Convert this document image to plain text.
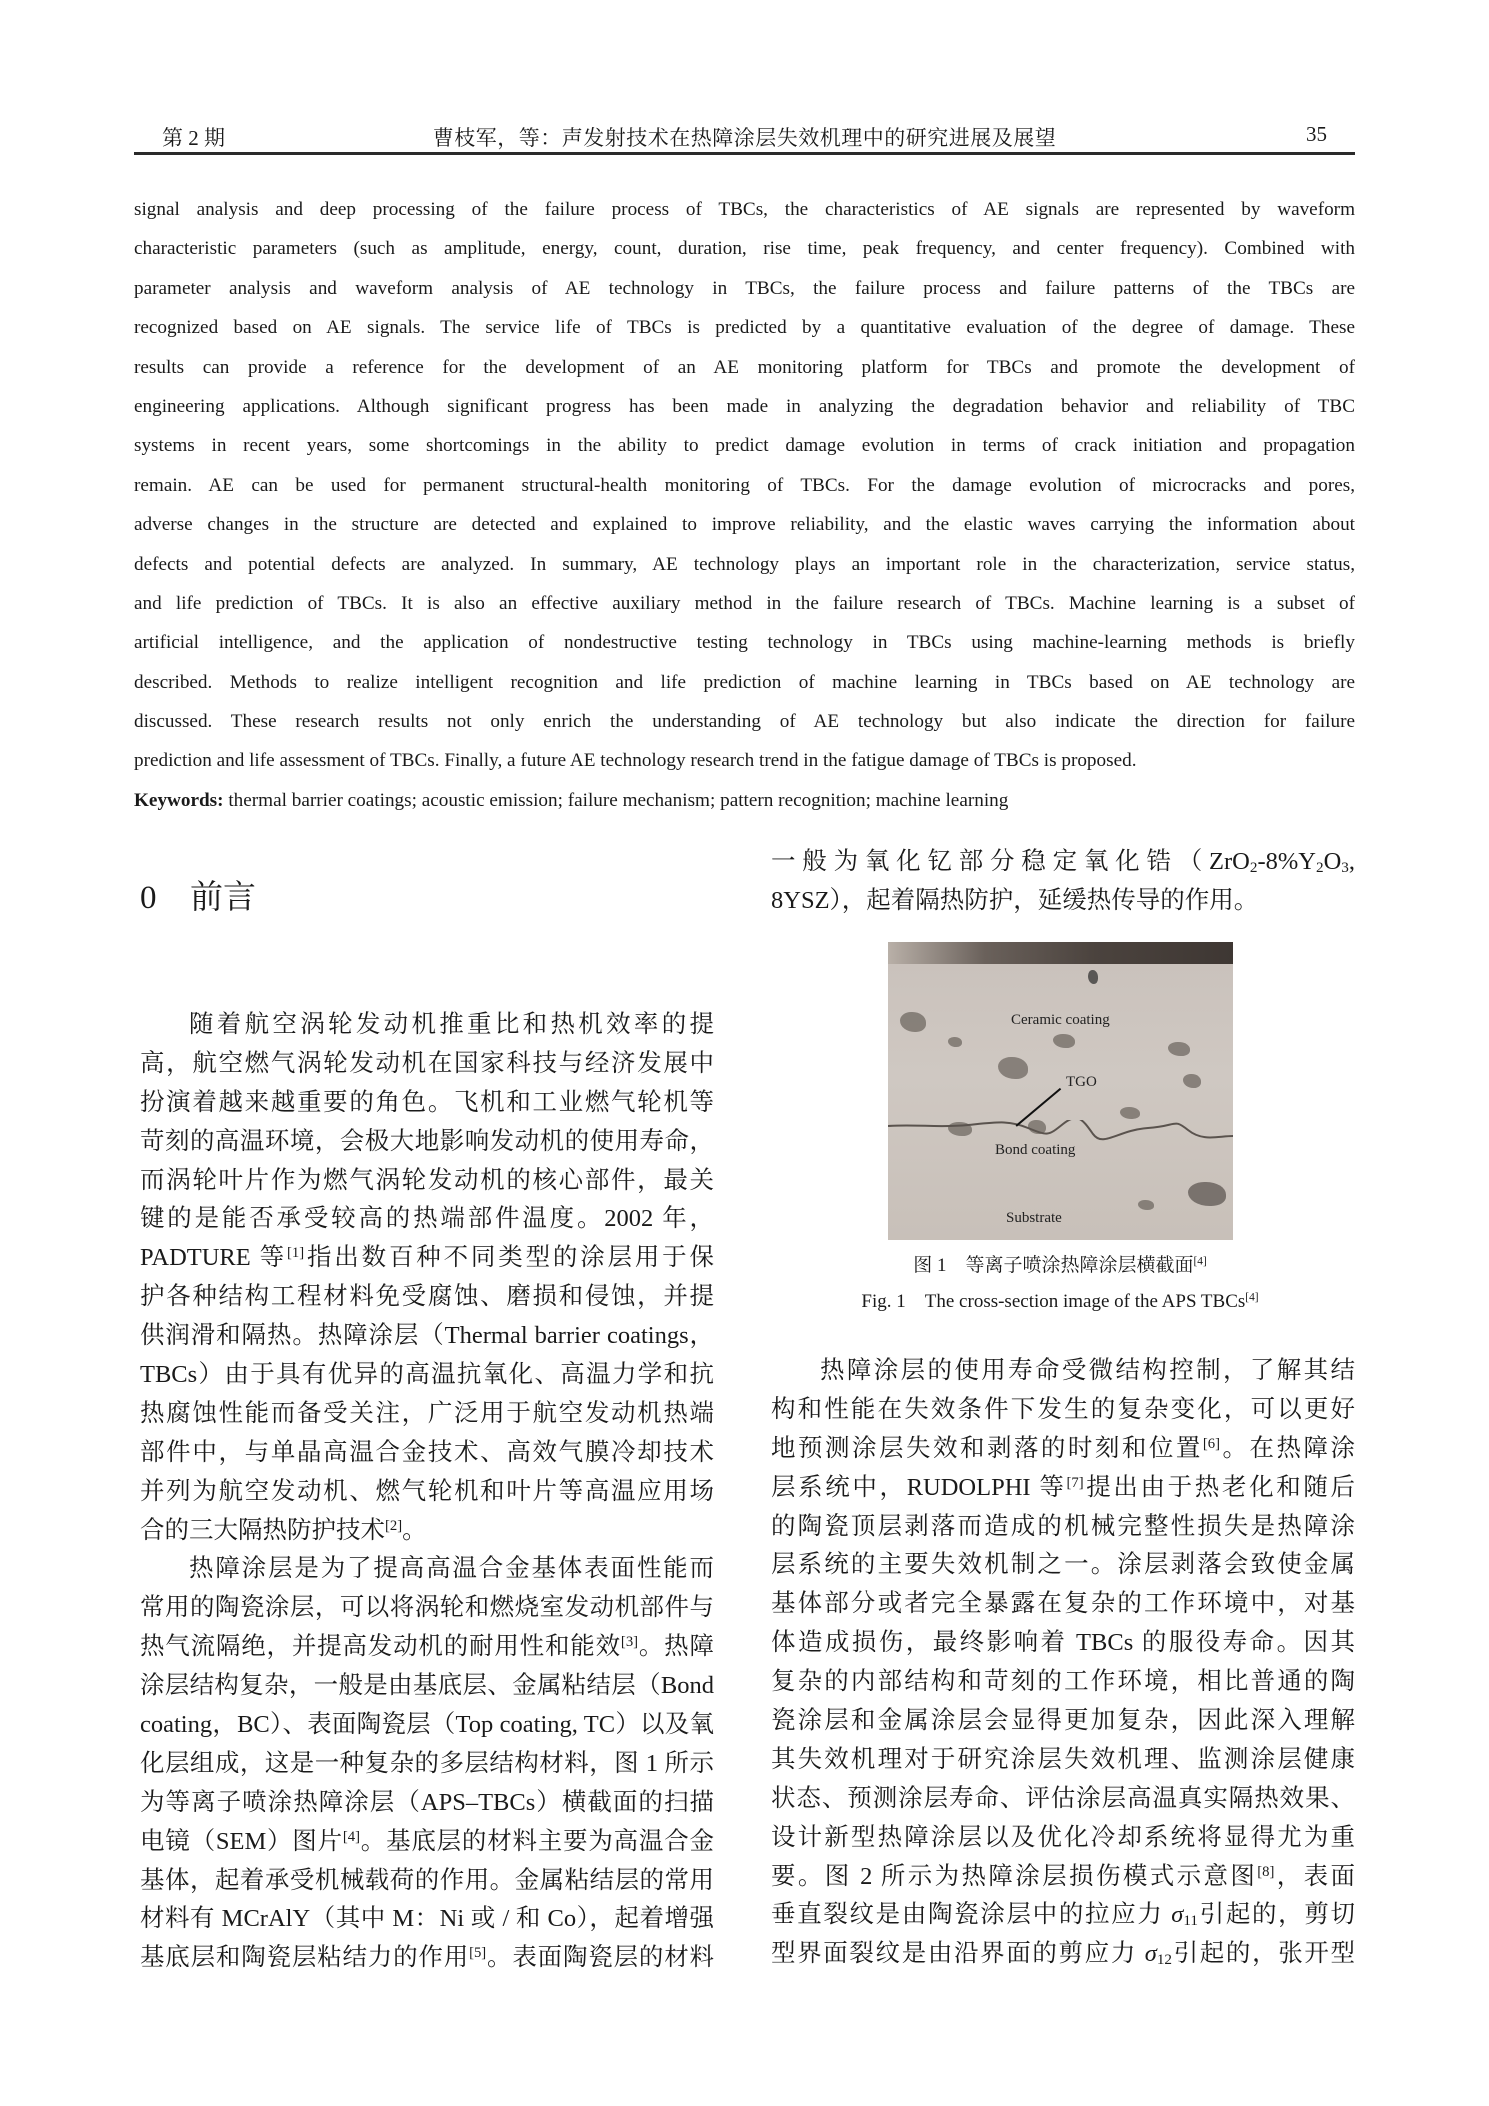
第 2 期	曹枝军，等：声发射技术在热障涂层失效机理中的研究进展及展望	35
signal analysis and deep processing of the failure process of TBCs, the characteristics of AE signals are represented by waveform
characteristic parameters (such as amplitude, energy, count, duration, rise time, peak frequency, and center frequency). Combined with
parameter analysis and waveform analysis of AE technology in TBCs, the failure process and failure patterns of the TBCs are
recognized based on AE signals. The service life of TBCs is predicted by a quantitative evaluation of the degree of damage. These
results can provide a reference for the development of an AE monitoring platform for TBCs and promote the development of
engineering applications. Although significant progress has been made in analyzing the degradation behavior and reliability of TBC
systems in recent years, some shortcomings in the ability to predict damage evolution in terms of crack initiation and propagation
remain. AE can be used for permanent structural-health monitoring of TBCs. For the damage evolution of microcracks and pores,
adverse changes in the structure are detected and explained to improve reliability, and the elastic waves carrying the information about
defects and potential defects are analyzed. In summary, AE technology plays an important role in the characterization, service status,
and life prediction of TBCs. It is also an effective auxiliary method in the failure research of TBCs. Machine learning is a subset of
artificial intelligence, and the application of nondestructive testing technology in TBCs using machine-learning methods is briefly
described. Methods to realize intelligent recognition and life prediction of machine learning in TBCs based on AE technology are
discussed. These research results not only enrich the understanding of AE technology but also indicate the direction for failure
prediction and life assessment of TBCs. Finally, a future AE technology research trend in the fatigue damage of TBCs is proposed.
Keywords: thermal barrier coatings; acoustic emission; failure mechanism; pattern recognition; machine learning
0 前言
随着航空涡轮发动机推重比和热机效率的提
高，航空燃气涡轮发动机在国家科技与经济发展中
扮演着越来越重要的角色。飞机和工业燃气轮机等
苛刻的高温环境，会极大地影响发动机的使用寿命，
而涡轮叶片作为燃气涡轮发动机的核心部件，最关
键的是能否承受较高的热端部件温度。2002 年，
PADTURE 等[1]指出数百种不同类型的涂层用于保
护各种结构工程材料免受腐蚀、磨损和侵蚀，并提
供润滑和隔热。热障涂层（Thermal barrier coatings，
TBCs）由于具有优异的高温抗氧化、高温力学和抗
热腐蚀性能而备受关注，广泛用于航空发动机热端
部件中，与单晶高温合金技术、高效气膜冷却技术
并列为航空发动机、燃气轮机和叶片等高温应用场
合的三大隔热防护技术[2]。
热障涂层是为了提高高温合金基体表面性能而
常用的陶瓷涂层，可以将涡轮和燃烧室发动机部件与
热气流隔绝，并提高发动机的耐用性和能效[3]。热障
涂层结构复杂，一般是由基底层、金属粘结层（Bond
coating，BC）、表面陶瓷层（Top coating, TC）以及氧
化层组成，这是一种复杂的多层结构材料，图 1 所示
为等离子喷涂热障涂层（APS–TBCs）横截面的扫描
电镜（SEM）图片[4]。基底层的材料主要为高温合金
基体，起着承受机械载荷的作用。金属粘结层的常用
材料有 MCrAlY（其中 M：Ni 或 / 和 Co），起着增强
基底层和陶瓷层粘结力的作用[5]。表面陶瓷层的材料
一般为氧化钇部分稳定氧化锆（$ZrO_2-8\%Y_2O_3$,
8YSZ），起着隔热防护，延缓热传导的作用。
Ceramic coating
TGO
Bond coating
Substrate
图 1　等离子喷涂热障涂层横截面[4]
Fig. 1　The cross-section image of the APS TBCs[4]
热障涂层的使用寿命受微结构控制，了解其结
构和性能在失效条件下发生的复杂变化，可以更好
地预测涂层失效和剥落的时刻和位置[6]。在热障涂
层系统中，RUDOLPHI 等[7]提出由于热老化和随后
的陶瓷顶层剥落而造成的机械完整性损失是热障涂
层系统的主要失效机制之一。涂层剥落会致使金属
基体部分或者完全暴露在复杂的工作环境中，对基
体造成损伤，最终影响着 TBCs 的服役寿命。因其
复杂的内部结构和苛刻的工作环境，相比普通的陶
瓷涂层和金属涂层会显得更加复杂，因此深入理解
其失效机理对于研究涂层失效机理、监测涂层健康
状态、预测涂层寿命、评估涂层高温真实隔热效果、
设计新型热障涂层以及优化冷却系统将显得尤为重
要。图 2 所示为热障涂层损伤模式示意图[8]，表面
垂直裂纹是由陶瓷涂层中的拉应力 $\sigma_{11}$引起的，剪切
型界面裂纹是由沿界面的剪应力 $\sigma_{12}$引起的，张开型
